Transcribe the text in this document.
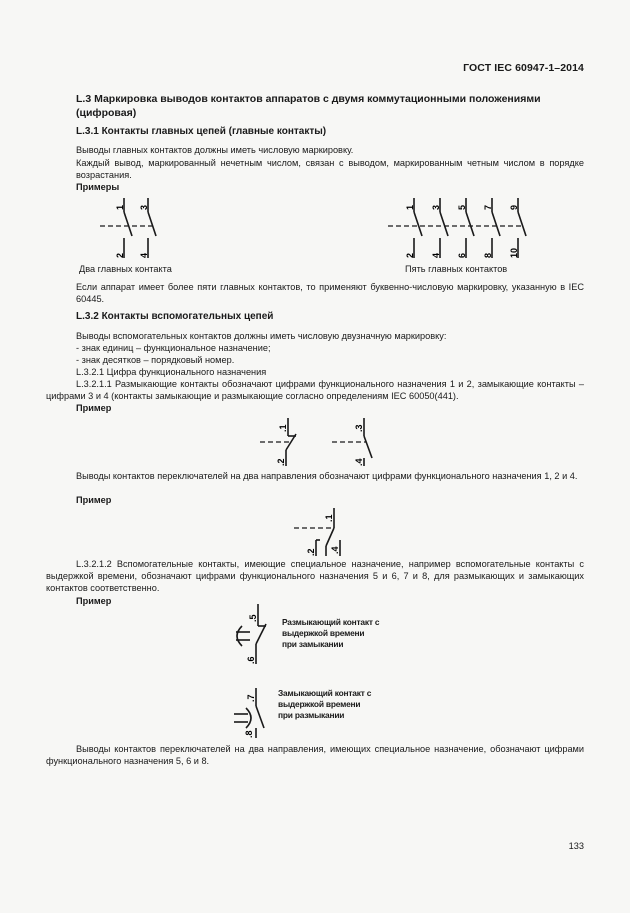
ГОСТ IEC 60947-1–2014
L.3 Маркировка выводов контактов аппаратов с двумя коммутационными положениями (цифровая)
L.3.1 Контакты главных цепей (главные контакты)
Выводы главных контактов должны иметь числовую маркировку.
Каждый вывод, маркированный нечетным числом, связан с выводом, маркированным четным числом в порядке возрастания.
Примеры
1 3
2 4
1 3 5 7 9
2 4 6 8 10
Два главных контакта	Пять главных контактов
Если аппарат имеет более пяти главных контактов, то применяют буквенно-числовую маркировку, указанную в IEC 60445.
L.3.2 Контакты вспомогательных цепей
Выводы вспомогательных контактов должны иметь числовую двузначную маркировку:
- знак единиц – функциональное назначение;
- знак десятков – порядковый номер.
L.3.2.1 Цифра функционального назначения
L.3.2.1.1 Размыкающие контакты обозначают цифрами функционального назначения 1 и 2, замыкающие контакты – цифрами 3 и 4 (контакты замыкающие и размыкающие согласно определениям IEC 60050(441).
Пример
.1
.2
.3
.4
Выводы контактов переключателей на два направления обозначают цифрами функционального назначения 1, 2 и 4.
Пример
.1
.2 .4
L.3.2.1.2 Вспомогательные контакты, имеющие специальное назначение, например вспомогательные контакты с выдержкой времени, обозначают цифрами функционального назначения 5 и 6, 7 и 8, для размыкающих и замыкающих контактов соответственно.
Пример
.5
.6
Размыкающий контакт с
выдержкой времени
при замыкании
.7
.8
Замыкающий контакт с
выдержкой времени
при размыкании
Выводы контактов переключателей на два направления, имеющих специальное назначение, обозначают цифрами функционального назначения 5, 6 и 8.
133
